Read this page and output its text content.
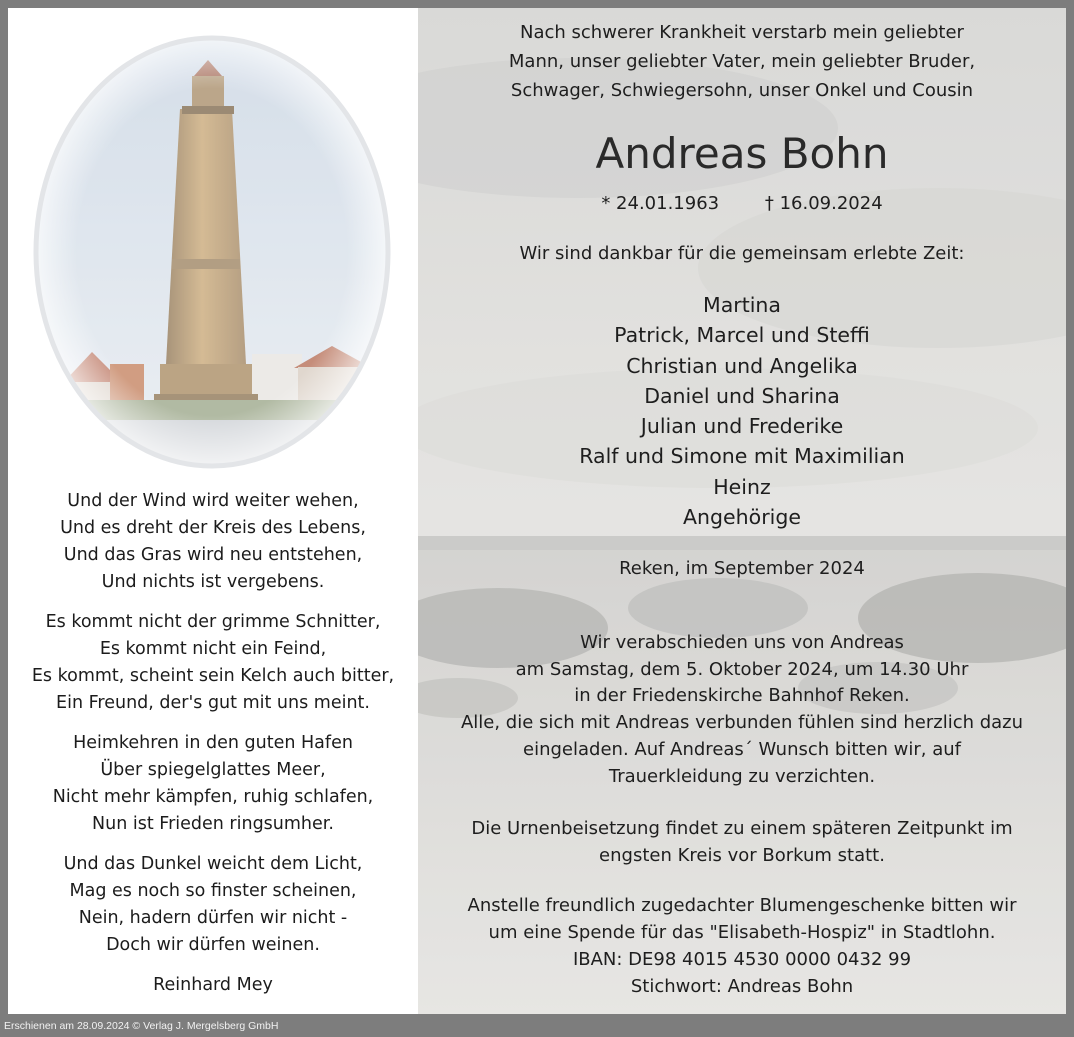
Und der Wind wird weiter wehen,
Und es dreht der Kreis des Lebens,
Und das Gras wird neu entstehen,
Und nichts ist vergebens.
Es kommt nicht der grimme Schnitter,
Es kommt nicht ein Feind,
Es kommt, scheint sein Kelch auch bitter,
Ein Freund, der's gut mit uns meint.
Heimkehren in den guten Hafen
Über spiegelglattes Meer,
Nicht mehr kämpfen, ruhig schlafen,
Nun ist Frieden ringsumher.
Und das Dunkel weicht dem Licht,
Mag es noch so finster scheinen,
Nein, hadern dürfen wir nicht -
Doch wir dürfen weinen.
Reinhard Mey
Nach schwerer Krankheit verstarb mein geliebter
Mann, unser geliebter Vater, mein geliebter Bruder,
Schwager, Schwiegersohn, unser Onkel und Cousin
Andreas Bohn
* 24.01.1963	† 16.09.2024
Wir sind dankbar für die gemeinsam erlebte Zeit:
Martina
Patrick, Marcel und Steffi
Christian und Angelika
Daniel und Sharina
Julian und Frederike
Ralf und Simone mit Maximilian
Heinz
Angehörige
Reken, im September 2024
Wir verabschieden uns von Andreas
am Samstag, dem 5. Oktober 2024, um 14.30 Uhr
in der Friedenskirche Bahnhof Reken.
Alle, die sich mit Andreas verbunden fühlen sind herzlich dazu
eingeladen. Auf Andreas´ Wunsch bitten wir, auf
Trauerkleidung zu verzichten.
Die Urnenbeisetzung findet zu einem späteren Zeitpunkt im
engsten Kreis vor Borkum statt.
Anstelle freundlich zugedachter Blumengeschenke bitten wir
um eine Spende für das "Elisabeth-Hospiz" in Stadtlohn.
IBAN: DE98 4015 4530 0000 0432 99
Stichwort: Andreas Bohn
Erschienen am 28.09.2024 © Verlag J. Mergelsberg GmbH
